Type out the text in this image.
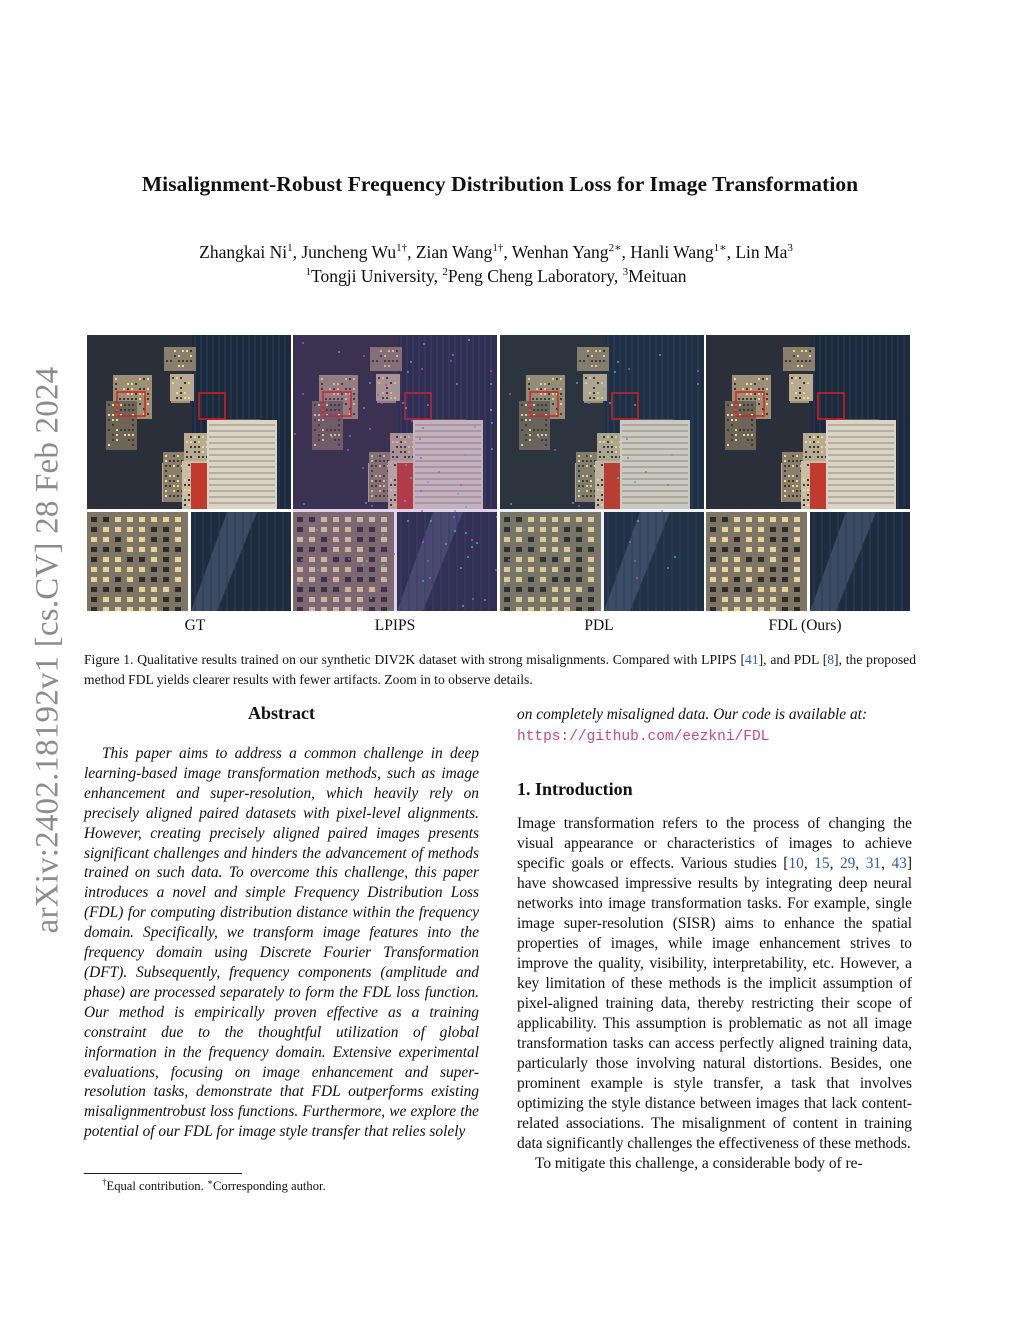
arXiv:2402.18192v1 [cs.CV] 28 Feb 2024
Misalignment-Robust Frequency Distribution Loss for Image Transformation
Zhangkai Ni$^1$, Juncheng $Wu^{1\dagger}$, Zian Wang$^{1\dagger}$, Wenhan Yang$^{2∗}$, Hanli Wang$^{1∗}$, Lin Ma$^3$
$^1$Tongji University, $^2$Peng Cheng Laboratory, $^3$Meituan
GT	LPIPS	PDL	FDL (Ours)
Figure 1. Qualitative results trained on our synthetic DIV2K dataset with strong misalignments. Compared with LPIPS [41], and PDL [8], the proposed method FDL yields clearer results with fewer artifacts. Zoom in to observe details.
Abstract
This paper aims to address a common challenge in deep learning-based image transformation methods, such as image enhancement and super-resolution, which heavily rely on precisely aligned paired datasets with pixel-level alignments. However, creating precisely aligned paired images presents significant challenges and hinders the advancement of methods trained on such data. To overcome this challenge, this paper introduces a novel and simple Frequency Distribution Loss (FDL) for computing distribution distance within the frequency domain. Specifically, we transform image features into the frequency domain using Discrete Fourier Transformation (DFT). Subsequently, frequency components (amplitude and phase) are processed separately to form the FDL loss function. Our method is empirically proven effective as a training constraint due to the thoughtful utilization of global information in the frequency domain. Extensive experimental evaluations, focusing on image enhancement and super-resolution tasks, demonstrate that FDL outperforms existing misalignmentrobust loss functions. Furthermore, we explore the potential of our FDL for image style transfer that relies solely
†Equal contribution. ∗Corresponding author.
on completely misaligned data. Our code is available at:
https://github.com/eezkni/FDL
1. Introduction

Image transformation refers to the process of changing the visual appearance or characteristics of images to achieve specific goals or effects. Various studies [10, 15, 29, 31, 43] have showcased impressive results by integrating deep neural networks into image transformation tasks. For example, single image super-resolution (SISR) aims to enhance the spatial properties of images, while image enhancement strives to improve the quality, visibility, interpretability, etc. However, a key limitation of these methods is the implicit assumption of pixel-aligned training data, thereby restricting their scope of applicability. This assumption is problematic as not all image transformation tasks can access perfectly aligned training data, particularly those involving natural distortions. Besides, one prominent example is style transfer, a task that involves optimizing the style distance between images that lack content-related associations. The misalignment of content in training data significantly challenges the effectiveness of these methods.

To mitigate this challenge, a considerable body of re-
